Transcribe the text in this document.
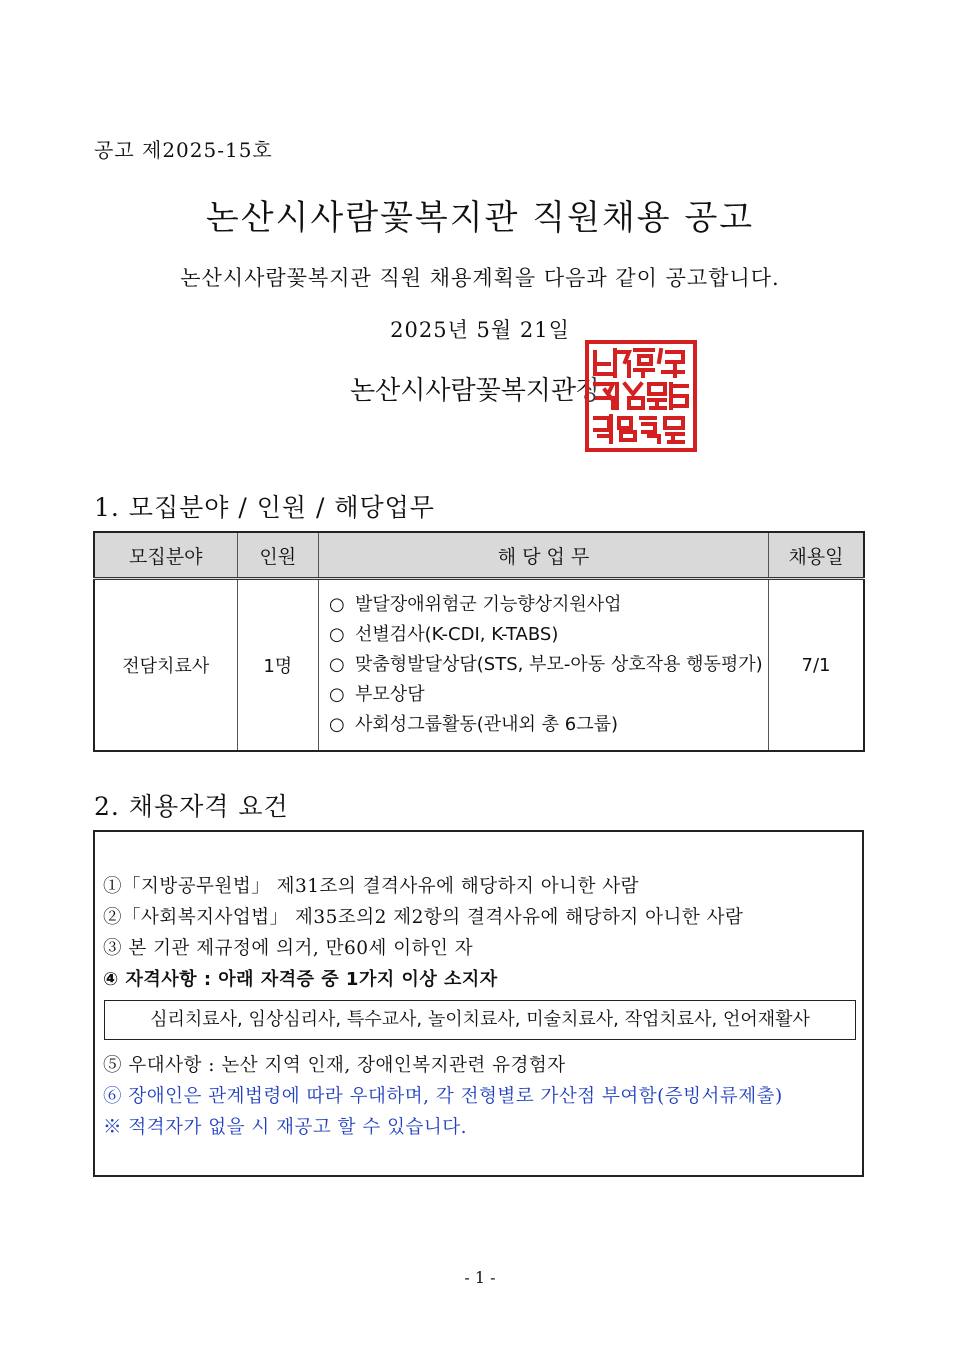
공고 제2025-15호
논산시사람꽃복지관 직원채용 공고
논산시사람꽃복지관 직원 채용계획을 다음과 같이 공고합니다.
2025년 5월 21일
논산시사람꽃복지관장
1. 모집분야 / 인원 / 해당업무
모집분야	인원	해 당 업 무	채용일
전담치료사	1명	○ 발달장애위험군 기능향상지원사업
○ 선별검사(K-CDI, K-TABS)
○ 맞춤형발달상담(STS, 부모-아동 상호작용 행동평가)
○ 부모상담
○ 사회성그룹활동(관내외 총 6그룹)	7/1
2. 채용자격 요건
①「지방공무원법」 제31조의 결격사유에 해당하지 아니한 사람
②「사회복지사업법」 제35조의2 제2항의 결격사유에 해당하지 아니한 사람
③ 본 기관 제규정에 의거, 만60세 이하인 자
④ 자격사항 : 아래 자격증 중 1가지 이상 소지자
심리치료사, 임상심리사, 특수교사, 놀이치료사, 미술치료사, 작업치료사, 언어재활사
⑤ 우대사항 : 논산 지역 인재, 장애인복지관련 유경험자
⑥ 장애인은 관계법령에 따라 우대하며, 각 전형별로 가산점 부여함(증빙서류제출)
※ 적격자가 없을 시 재공고 할 수 있습니다.
- 1 -
